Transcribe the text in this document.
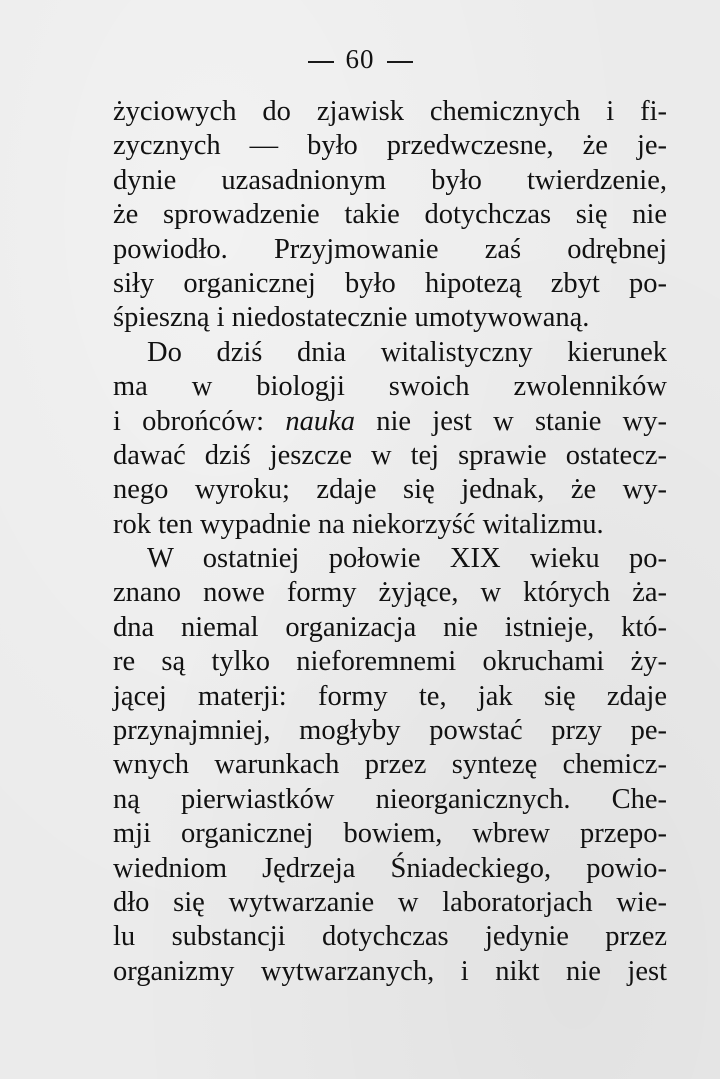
60
życiowych do zjawisk chemicznych i fi-
zycznych — było przedwczesne, że je-
dynie uzasadnionym było twierdzenie,
że sprowadzenie takie dotychczas się nie
powiodło. Przyjmowanie zaś odrębnej
siły organicznej było hipotezą zbyt po-
śpieszną i niedostatecznie umotywowaną.
Do dziś dnia witalistyczny kierunek
ma w biologji swoich zwolenników
i obrońców: nauka nie jest w stanie wy-
dawać dziś jeszcze w tej sprawie ostatecz-
nego wyroku; zdaje się jednak, że wy-
rok ten wypadnie na niekorzyść witalizmu.
W ostatniej połowie XIX wieku po-
znano nowe formy żyjące, w których ża-
dna niemal organizacja nie istnieje, któ-
re są tylko nieforemnemi okruchami ży-
jącej materji: formy te, jak się zdaje
przynajmniej, mogłyby powstać przy pe-
wnych warunkach przez syntezę chemicz-
ną pierwiastków nieorganicznych. Che-
mji organicznej bowiem, wbrew przepo-
wiedniom Jędrzeja Śniadeckiego, powio-
dło się wytwarzanie w laboratorjach wie-
lu substancji dotychczas jedynie przez
organizmy wytwarzanych, i nikt nie jest
